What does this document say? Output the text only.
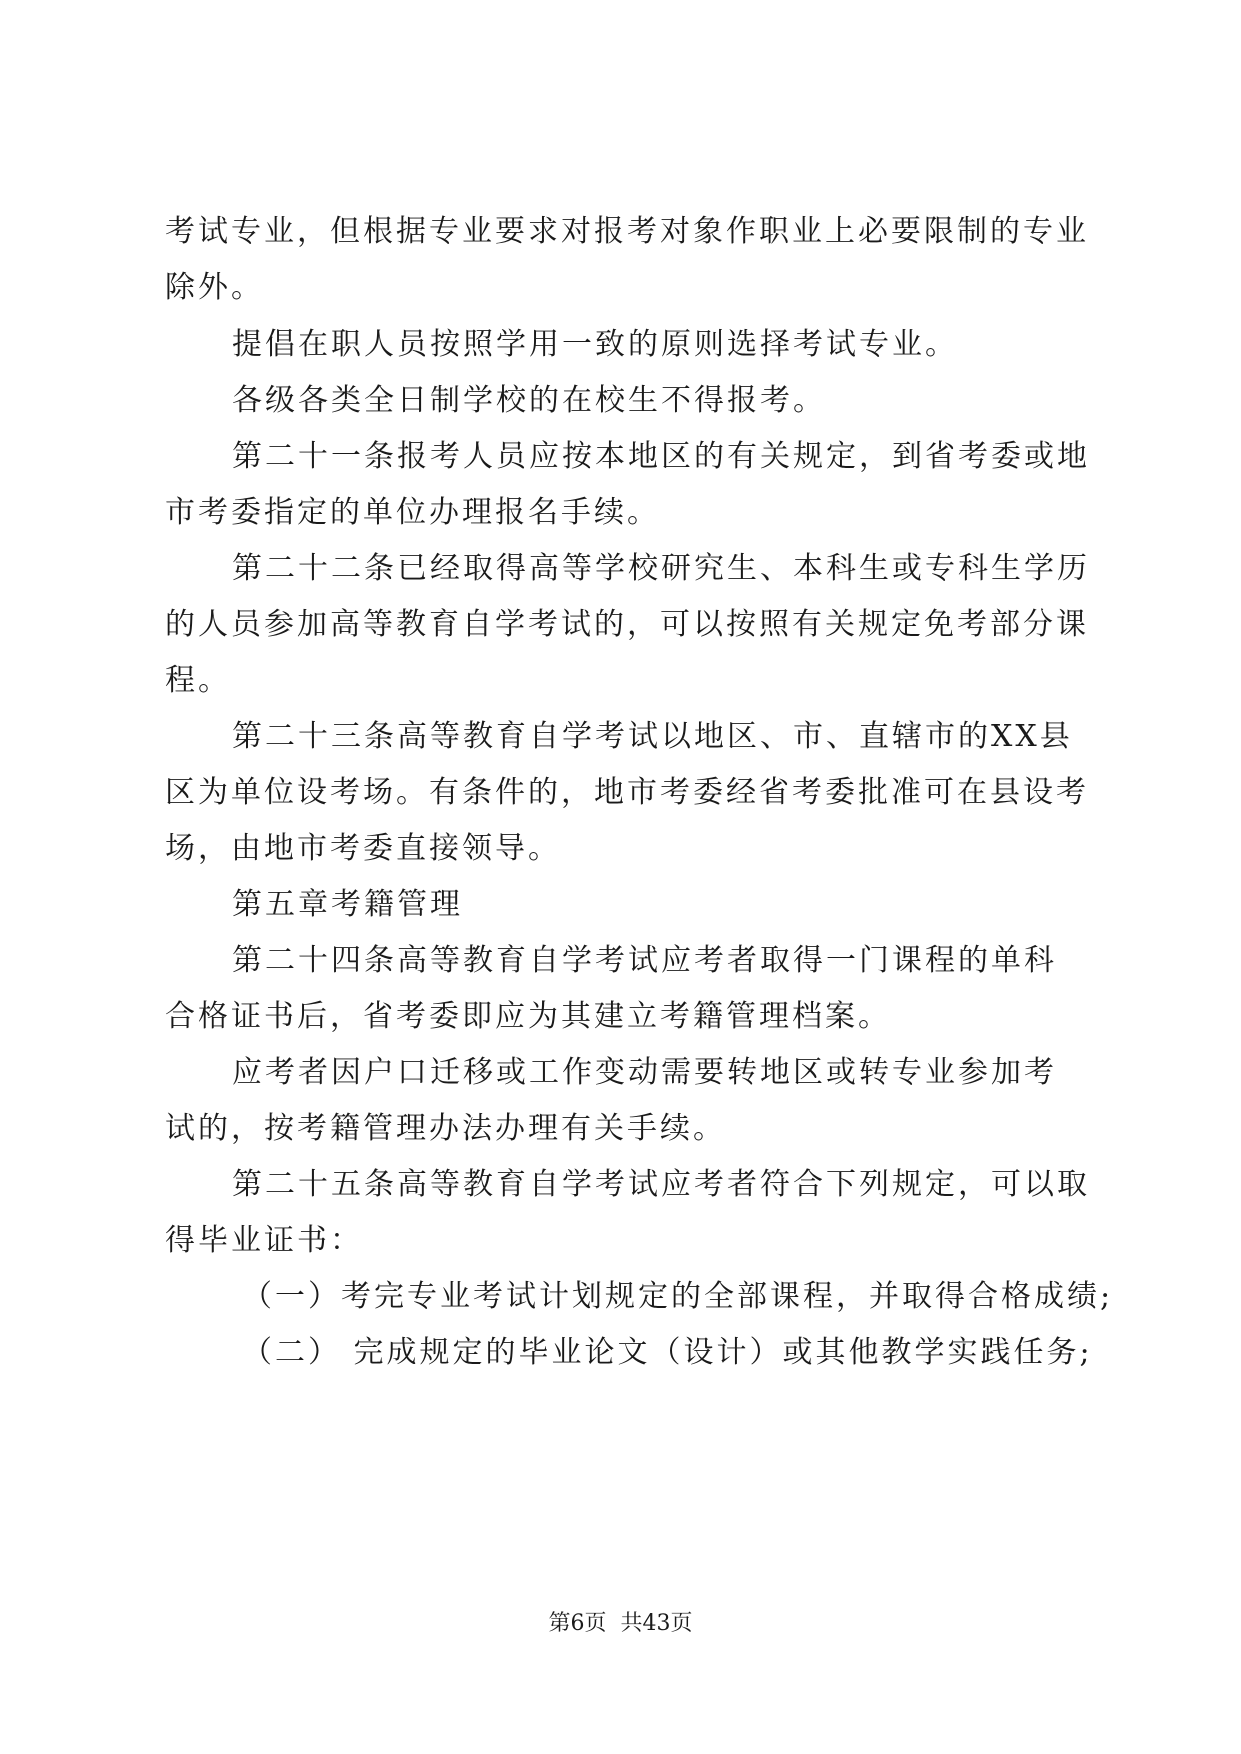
考试专业，但根据专业要求对报考对象作职业上必要限制的专业
除外。
提倡在职人员按照学用一致的原则选择考试专业。
各级各类全日制学校的在校生不得报考。
第二十一条报考人员应按本地区的有关规定，到省考委或地
市考委指定的单位办理报名手续。
第二十二条已经取得高等学校研究生、本科生或专科生学历
的人员参加高等教育自学考试的，可以按照有关规定免考部分课
程。
第二十三条高等教育自学考试以地区、市、直辖市的XX县
区为单位设考场。有条件的，地市考委经省考委批准可在县设考
场，由地市考委直接领导。
第五章考籍管理
第二十四条高等教育自学考试应考者取得一门课程的单科
合格证书后，省考委即应为其建立考籍管理档案。
应考者因户口迁移或工作变动需要转地区或转专业参加考
试的，按考籍管理办法办理有关手续。
第二十五条高等教育自学考试应考者符合下列规定，可以取
得毕业证书：
（一）考完专业考试计划规定的全部课程，并取得合格成绩;
（二） 完成规定的毕业论文（设计）或其他教学实践任务;
第6页  共43页
